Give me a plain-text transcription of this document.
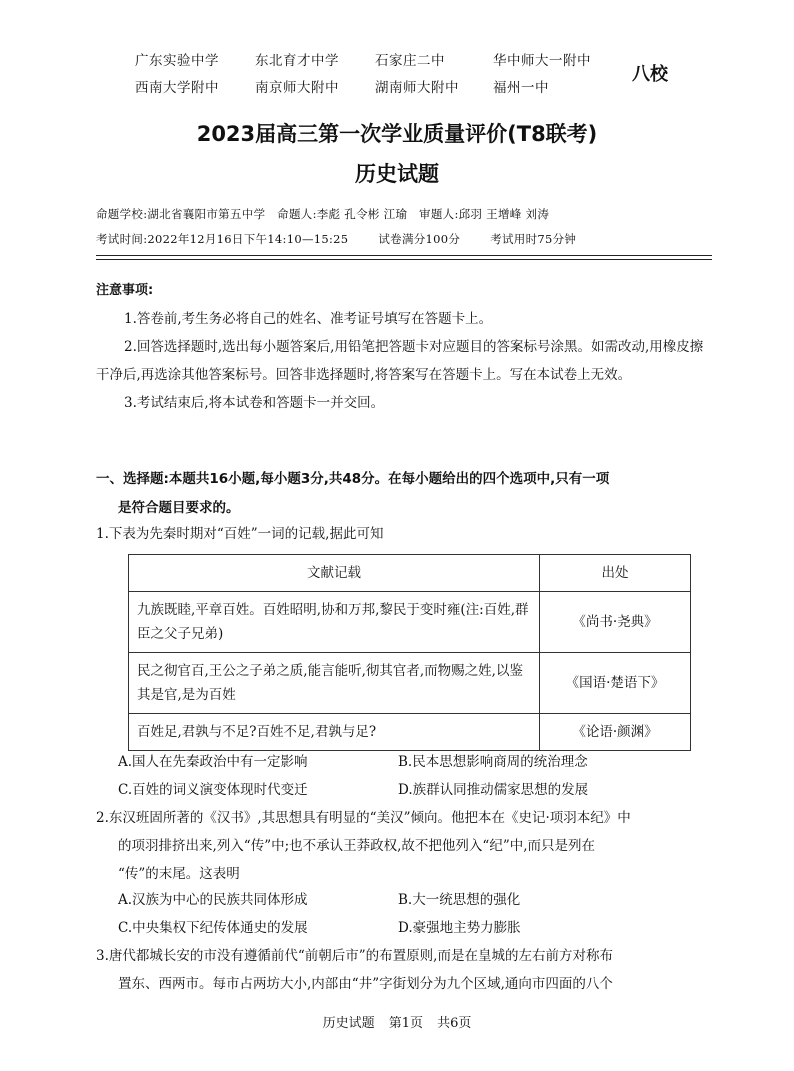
广东实验中学	东北育才中学	石家庄二中	华中师大一附中
西南大学附中	南京师大附中	湖南师大附中	福州一中
八校
2023届高三第一次学业质量评价(T8联考)
历史试题
命题学校:湖北省襄阳市第五中学　命题人:李彪 孔令彬 江瑜　审题人:邱羽 王增峰 刘涛
考试时间:2022年12月16日下午14:10—15:25	试卷满分100分	考试用时75分钟
注意事项:

1.答卷前,考生务必将自己的姓名、准考证号填写在答题卡上。

2.回答选择题时,选出每小题答案后,用铅笔把答题卡对应题目的答案标号涂黑。如需改动,用橡皮擦干净后,再选涂其他答案标号。回答非选择题时,将答案写在答题卡上。写在本试卷上无效。

3.考试结束后,将本试卷和答题卡一并交回。

一、选择题:本题共16小题,每小题3分,共48分。在每小题给出的四个选项中,只有一项
是符合题目要求的。
1.下表为先秦时期对“百姓”一词的记载,据此可知
文献记载	出处
九族既睦,平章百姓。百姓昭明,协和万邦,黎民于变时雍(注:百姓,群臣之父子兄弟)	《尚书·尧典》
民之彻官百,王公之子弟之质,能言能听,彻其官者,而物赐之姓,以鉴其是官,是为百姓	《国语·楚语下》
百姓足,君孰与不足?百姓不足,君孰与足?	《论语·颜渊》
A.国人在先秦政治中有一定影响	B.民本思想影响商周的统治理念
C.百姓的词义演变体现时代变迁	D.族群认同推动儒家思想的发展
2.东汉班固所著的《汉书》,其思想具有明显的“美汉”倾向。他把本在《史记·项羽本纪》中
的项羽排挤出来,列入“传”中;也不承认王莽政权,故不把他列入“纪”中,而只是列在
“传”的末尾。这表明
A.汉族为中心的民族共同体形成	B.大一统思想的强化
C.中央集权下纪传体通史的发展	D.豪强地主势力膨胀
3.唐代都城长安的市没有遵循前代“前朝后市”的布置原则,而是在皇城的左右前方对称布
置东、西两市。每市占两坊大小,内部由“井”字街划分为九个区域,通向市四面的八个
历史试题 第1页 共6页
